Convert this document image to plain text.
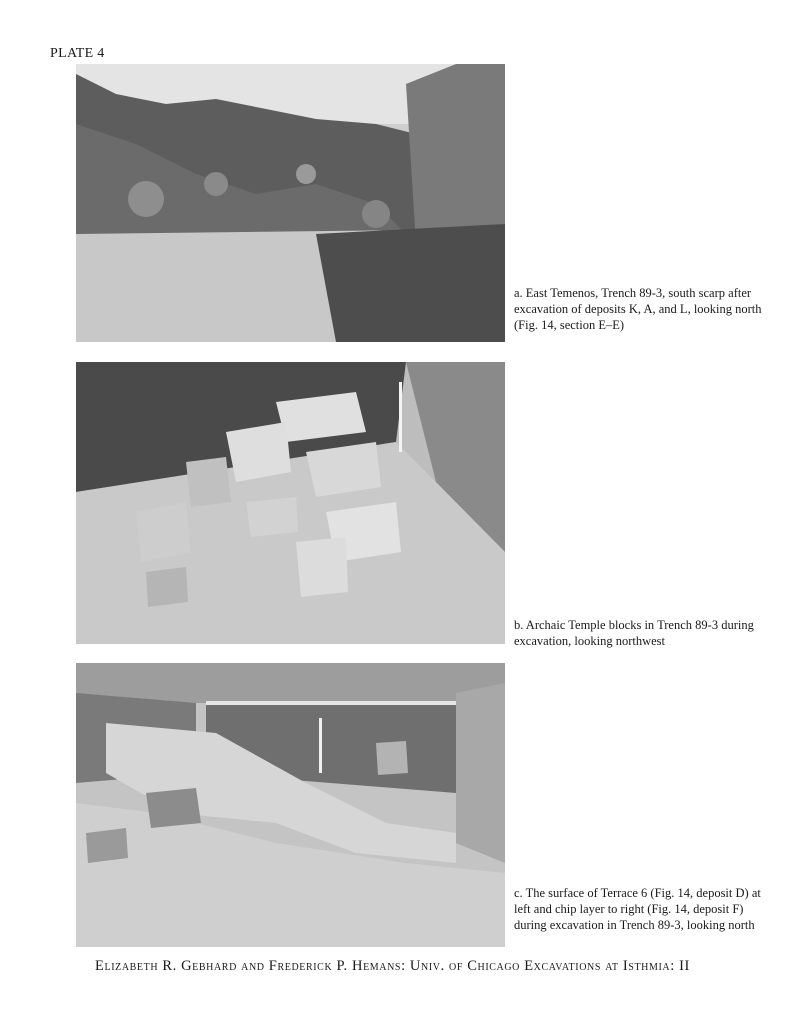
PLATE 4
a. East Temenos, Trench 89-3, south scarp after excavation of deposits K, A, and L, looking north (Fig. 14, section E–E)
b. Archaic Temple blocks in Trench 89-3 during excavation, looking northwest
c. The surface of Terrace 6 (Fig. 14, deposit D) at left and chip layer to right (Fig. 14, deposit F) during excavation in Trench 89-3, looking north
Elizabeth R. Gebhard and Frederick P. Hemans: Univ. of Chicago Excavations at Isthmia: II
